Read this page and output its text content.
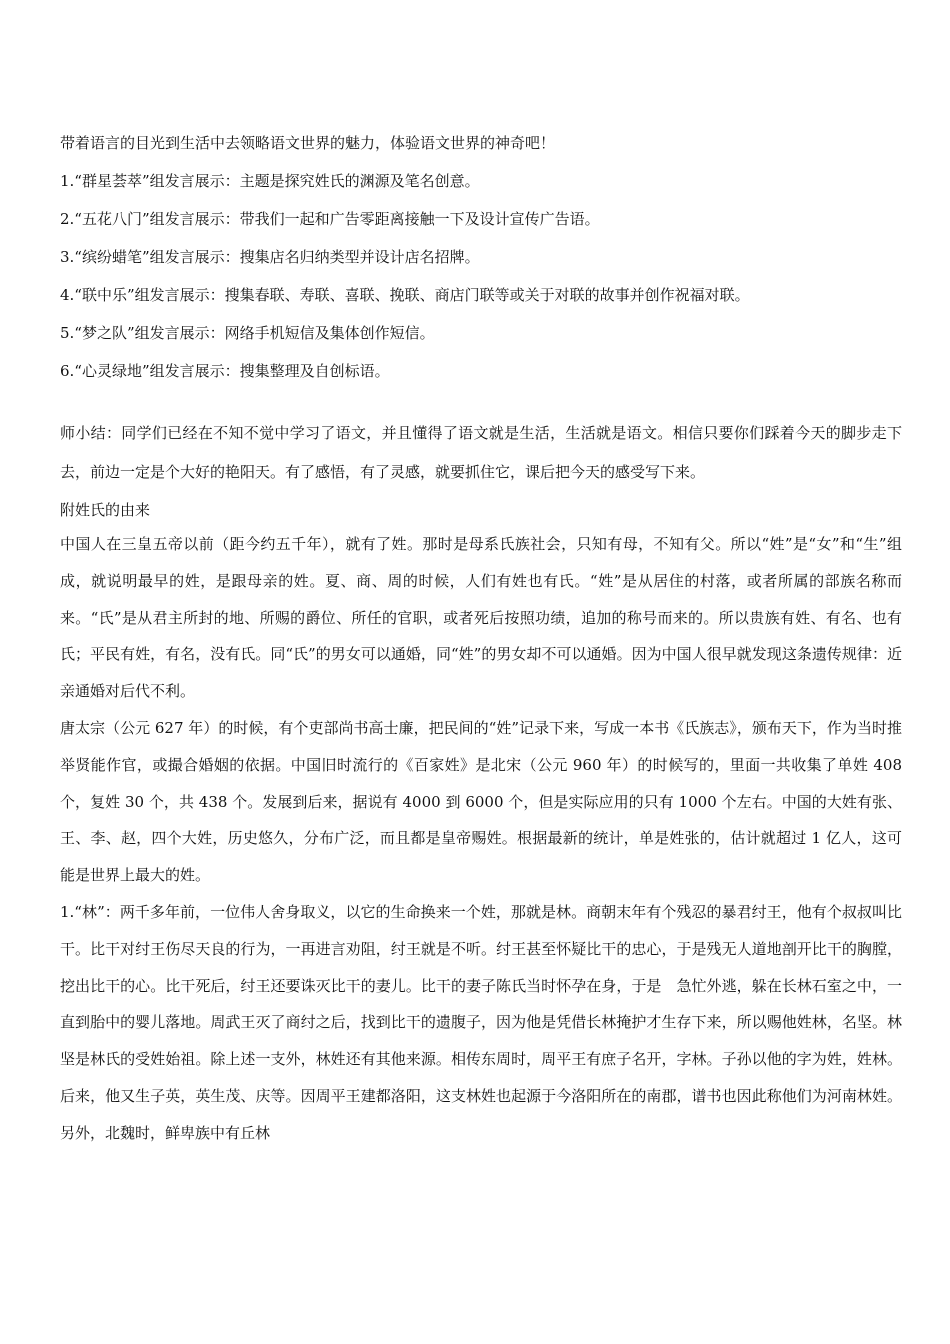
带着语言的目光到生活中去领略语文世界的魅力，体验语文世界的神奇吧！

1.“群星荟萃”组发言展示：主题是探究姓氏的渊源及笔名创意。

2.“五花八门”组发言展示：带我们一起和广告零距离接触一下及设计宣传广告语。

3.“缤纷蜡笔”组发言展示：搜集店名归纳类型并设计店名招牌。

4.“联中乐”组发言展示：搜集春联、寿联、喜联、挽联、商店门联等或关于对联的故事并创作祝福对联。

5.“梦之队”组发言展示：网络手机短信及集体创作短信。

6.“心灵绿地”组发言展示：搜集整理及自创标语。

师小结：同学们已经在不知不觉中学习了语文，并且懂得了语文就是生活，生活就是语文。相信只要你们踩着今天的脚步走下去，前边一定是个大好的艳阳天。有了感悟，有了灵感，就要抓住它，课后把今天的感受写下来。

附姓氏的由来

中国人在三皇五帝以前（距今约五千年），就有了姓。那时是母系氏族社会，只知有母，不知有父。所以“姓”是“女”和“生”组成，就说明最早的姓，是跟母亲的姓。夏、商、周的时候，人们有姓也有氏。“姓”是从居住的村落，或者所属的部族名称而来。“氏”是从君主所封的地、所赐的爵位、所任的官职，或者死后按照功绩，追加的称号而来的。所以贵族有姓、有名、也有氏；平民有姓，有名，没有氏。同“氏”的男女可以通婚，同“姓”的男女却不可以通婚。因为中国人很早就发现这条遗传规律：近亲通婚对后代不利。

唐太宗（公元 627 年）的时候，有个吏部尚书高士廉，把民间的“姓”记录下来，写成一本书《氏族志》，颁布天下，作为当时推举贤能作官，或撮合婚姻的依据。中国旧时流行的《百家姓》是北宋（公元 960 年）的时候写的，里面一共收集了单姓 408 个，复姓 30 个，共 438 个。发展到后来，据说有 4000 到 6000 个，但是实际应用的只有 1000 个左右。中国的大姓有张、王、李、赵，四个大姓，历史悠久，分布广泛，而且都是皇帝赐姓。根据最新的统计，单是姓张的，估计就超过 1 亿人，这可能是世界上最大的姓。

1.“林”：两千多年前，一位伟人舍身取义，以它的生命换来一个姓，那就是林。商朝末年有个残忍的暴君纣王，他有个叔叔叫比干。比干对纣王伤尽天良的行为，一再进言劝阻，纣王就是不听。纣王甚至怀疑比干的忠心，于是残无人道地剖开比干的胸膛，挖出比干的心。比干死后，纣王还要诛灭比干的妻儿。比干的妻子陈氏当时怀孕在身，于是　急忙外逃，躲在长林石室之中，一直到胎中的婴儿落地。周武王灭了商纣之后，找到比干的遗腹子，因为他是凭借长林掩护才生存下来，所以赐他姓林，名坚。林坚是林氏的受姓始祖。除上述一支外，林姓还有其他来源。相传东周时，周平王有庶子名开，字林。子孙以他的字为姓，姓林。后来，他又生子英，英生茂、庆等。因周平王建都洛阳，这支林姓也起源于今洛阳所在的南郡，谱书也因此称他们为河南林姓。另外，北魏时，鲜卑族中有丘林
